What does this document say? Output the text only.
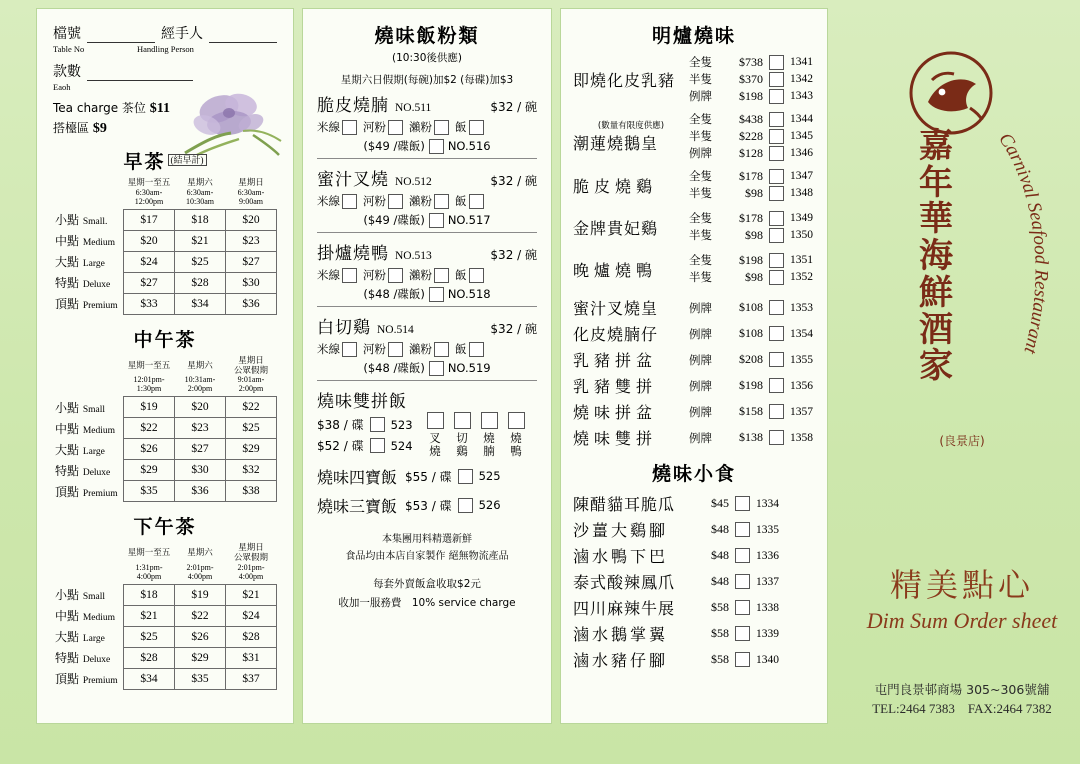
檔號	經手人
Table No	Handling Person
款數
Eaoh
Tea charge 茶位 $11
搭檯區 $9
早茶 $^{(結早計)}$
	星期一至五	星期六	星期日
	6:30am-12:00pm	6:30am-10:30am	6:30am-9:00am
小點 Small.	$17	$18	$20
中點 Medium	$20	$21	$23
大點 Large	$24	$25	$27
特點 Deluxe	$27	$28	$30
頂點 Premium	$33	$34	$36
中午茶
	星期一至五	星期六	星期日
公眾假期
	12:01pm-1:30pm	10:31am-2:00pm	9:01am-2:00pm
小點 Small	$19	$20	$22
中點 Medium	$22	$23	$25
大點 Large	$26	$27	$29
特點 Deluxe	$29	$30	$32
頂點 Premium	$35	$36	$38
下午茶
	星期一至五	星期六	星期日
公眾假期
	1:31pm-4:00pm	2:01pm-4:00pm	2:01pm-4:00pm
小點 Small	$18	$19	$21
中點 Medium	$21	$22	$24
大點 Large	$25	$26	$28
特點 Deluxe	$28	$29	$31
頂點 Premium	$34	$35	$37
燒味飯粉類
(10:30後供應)
星期六日假期(每碗)加$2 (每碟)加$3
脆皮燒腩 NO.511	$32 / 碗
米線 河粉 瀨粉 飯
($49 /碟飯) NO.516
蜜汁叉燒 NO.512	$32 / 碗
米線 河粉 瀨粉 飯
($49 /碟飯) NO.517
掛爐燒鴨 NO.513	$32 / 碗
米線 河粉 瀨粉 飯
($48 /碟飯) NO.518
白切鷄 NO.514	$32 / 碗
米線 河粉 瀨粉 飯
($48 /碟飯) NO.519
燒味雙拼飯
$38 / 碟 523
$52 / 碟 524
叉
燒
切
鷄
燒
腩
燒
鴨
燒味四寶飯 $55 / 碟 525
燒味三寶飯 $53 / 碟 526
本集團用料精選新鮮
食品均由本店自家製作 絕無物流產品
每套外賣飯盒收取$2元
收加一服務費　10% service charge
明爐燒味
即燒化皮乳豬
全隻	$738 1341
半隻	$370 1342
例牌	$198 1343
(數量有限度供應)
潮蓮燒鵝皇
全隻	$438 1344
半隻	$228 1345
例牌	$128 1346
脆皮燒鷄
全隻	$178 1347
半隻	$98 1348
金牌貴妃鷄
全隻	$178 1349
半隻	$98 1350
晚爐燒鴨
全隻	$198 1351
半隻	$98 1352
蜜汁叉燒皇	例牌	$108 1353
化皮燒腩仔	例牌	$108 1354
乳豬拼盆	例牌	$208 1355
乳豬雙拼	例牌	$198 1356
燒味拼盆	例牌	$158 1357
燒味雙拼	例牌	$138 1358
燒味小食
陳醋貓耳脆瓜	$45 1334
沙薑大鷄腳	$48 1335
滷水鴨下巴	$48 1336
泰式酸辣鳳爪	$48 1337
四川麻辣牛展	$58 1338
滷水鵝掌翼	$58 1339
滷水豬仔腳	$58 1340
嘉
年
華
海
鮮
酒
家
Carnival Seafood Restaurant
(良景店)
精美點心
Dim Sum Order sheet
屯門良景邨商場 305~306號舖
TEL:2464 7383　FAX:2464 7382
